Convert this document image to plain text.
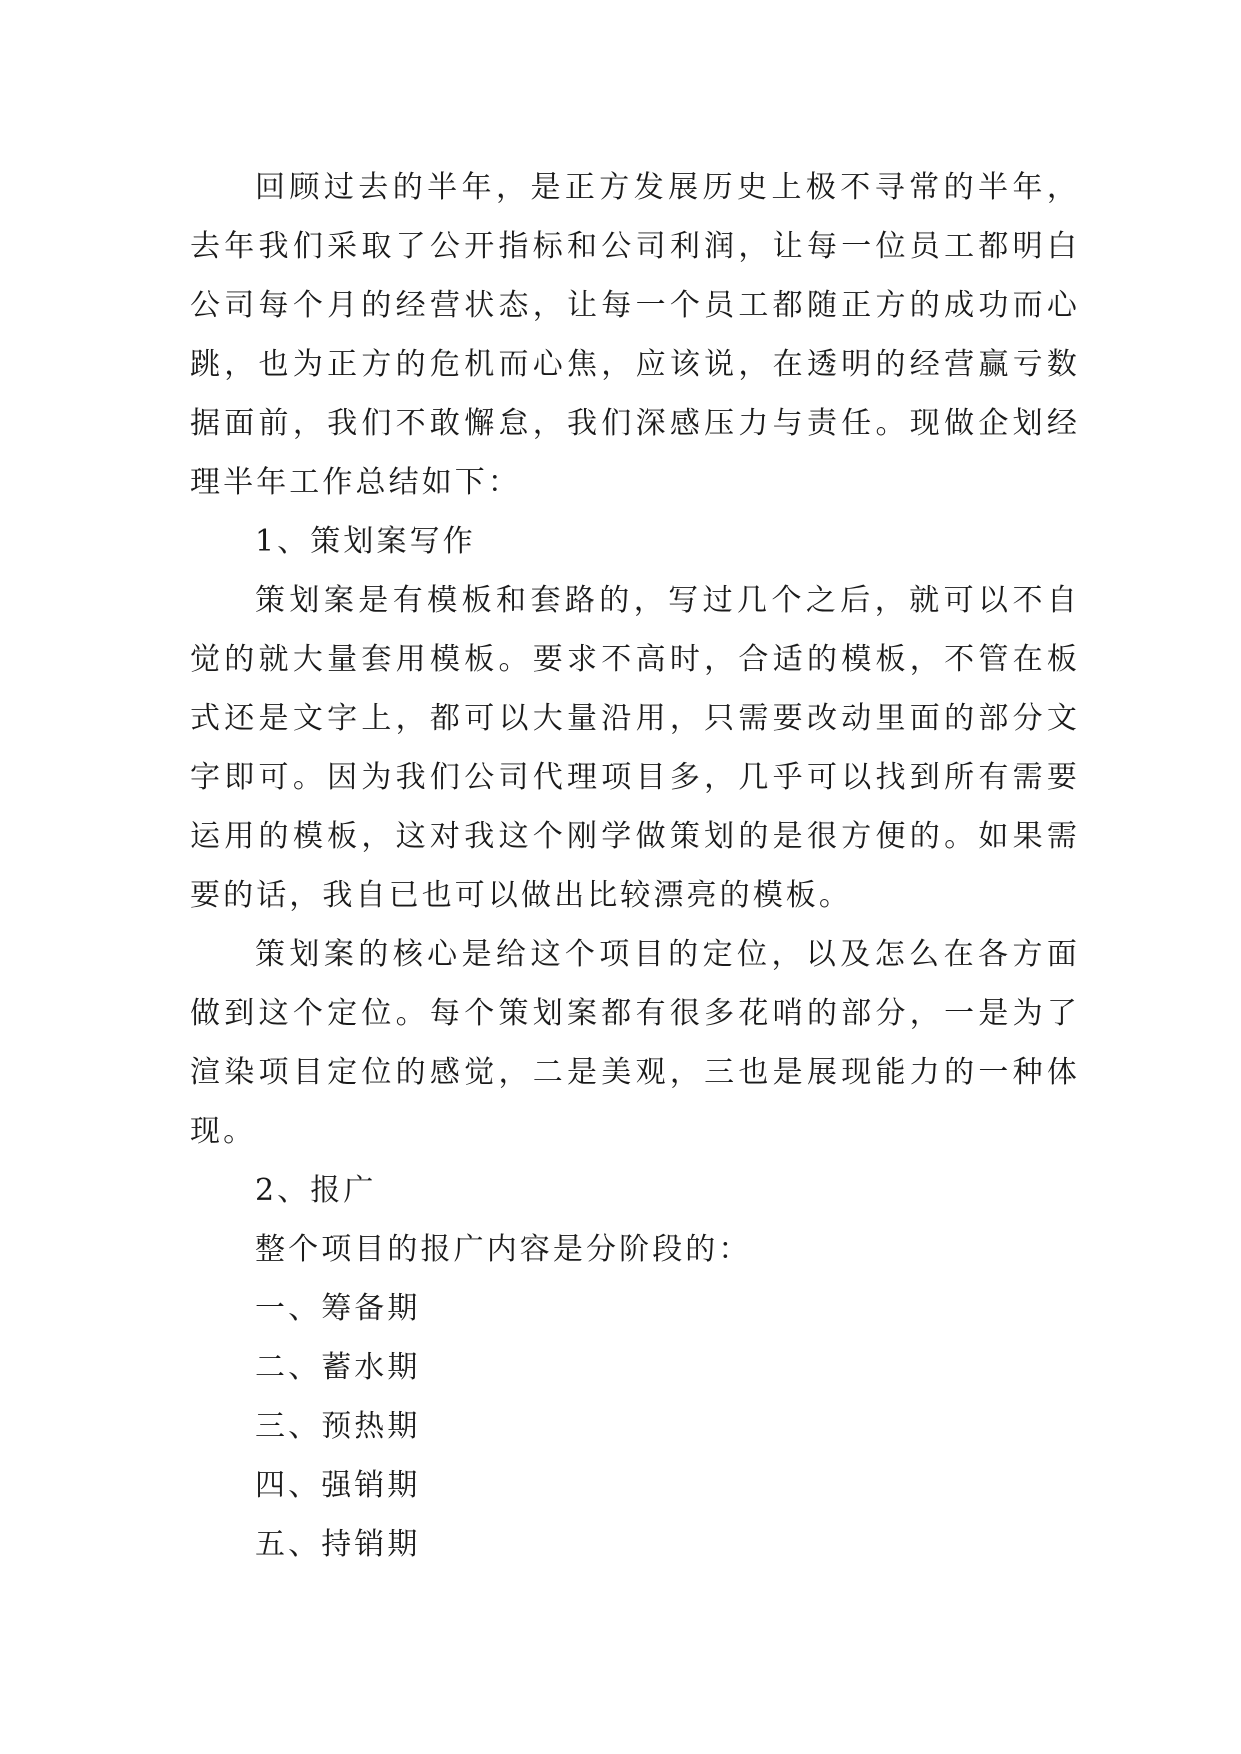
回顾过去的半年，是正方发展历史上极不寻常的半年，去年我们采取了公开指标和公司利润，让每一位员工都明白公司每个月的经营状态，让每一个员工都随正方的成功而心跳，也为正方的危机而心焦，应该说，在透明的经营赢亏数据面前，我们不敢懈怠，我们深感压力与责任。现做企划经理半年工作总结如下：

1、策划案写作

策划案是有模板和套路的，写过几个之后，就可以不自觉的就大量套用模板。要求不高时，合适的模板，不管在板式还是文字上，都可以大量沿用，只需要改动里面的部分文字即可。因为我们公司代理项目多，几乎可以找到所有需要运用的模板，这对我这个刚学做策划的是很方便的。如果需要的话，我自已也可以做出比较漂亮的模板。

策划案的核心是给这个项目的定位，以及怎么在各方面做到这个定位。每个策划案都有很多花哨的部分，一是为了渲染项目定位的感觉，二是美观，三也是展现能力的一种体现。

2、报广

整个项目的报广内容是分阶段的：

一、筹备期

二、蓄水期

三、预热期

四、强销期

五、持销期
